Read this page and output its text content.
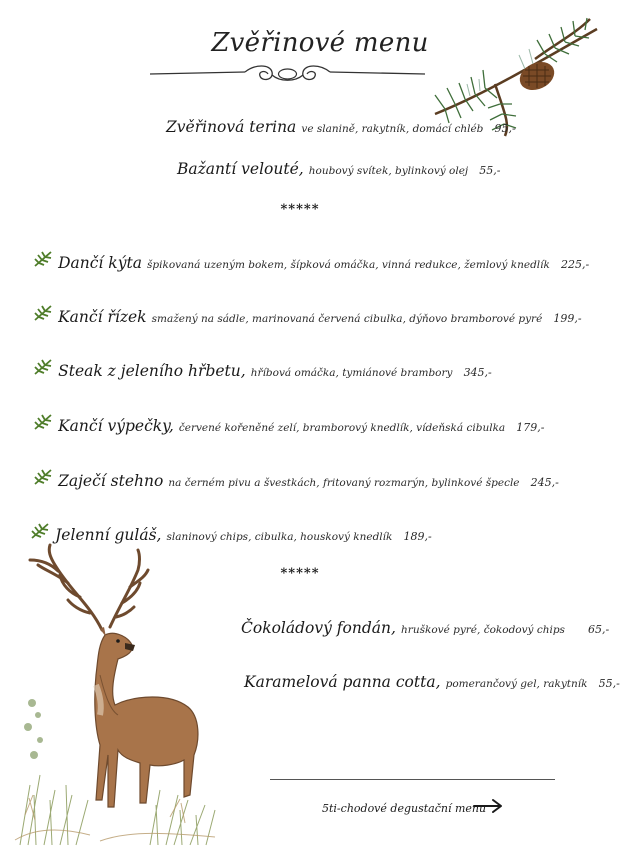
Zvěřinové menu
Zvěřinová terina ve slanině, rakytník, domácí chléb 95,-
Bažantí velouté, houbový svítek, bylinkový olej 55,-
*****
Dančí kýta špikovaná uzeným bokem, šípková omáčka, vinná redukce, žemlový knedlík 225,-
Kančí řízek smažený na sádle, marinovaná červená cibulka, dýňovo bramborové pyré 199,-
Steak z jeleního hřbetu, hříbová omáčka, tymiánové brambory 345,-
Kančí výpečky, červené kořeněné zelí, bramborový knedlík, vídeňská cibulka 179,-
Zaječí stehno na černém pivu a švestkách, fritovaný rozmarýn, bylinkové špecle 245,-
Jelenní guláš, slaninový chips, cibulka, houskový knedlík 189,-
*****
Čokoládový fondán, hruškové pyré, čokodový chips 65,-
Karamelová panna cotta, pomerančový gel, rakytník 55,-
5ti-chodové degustační menu
